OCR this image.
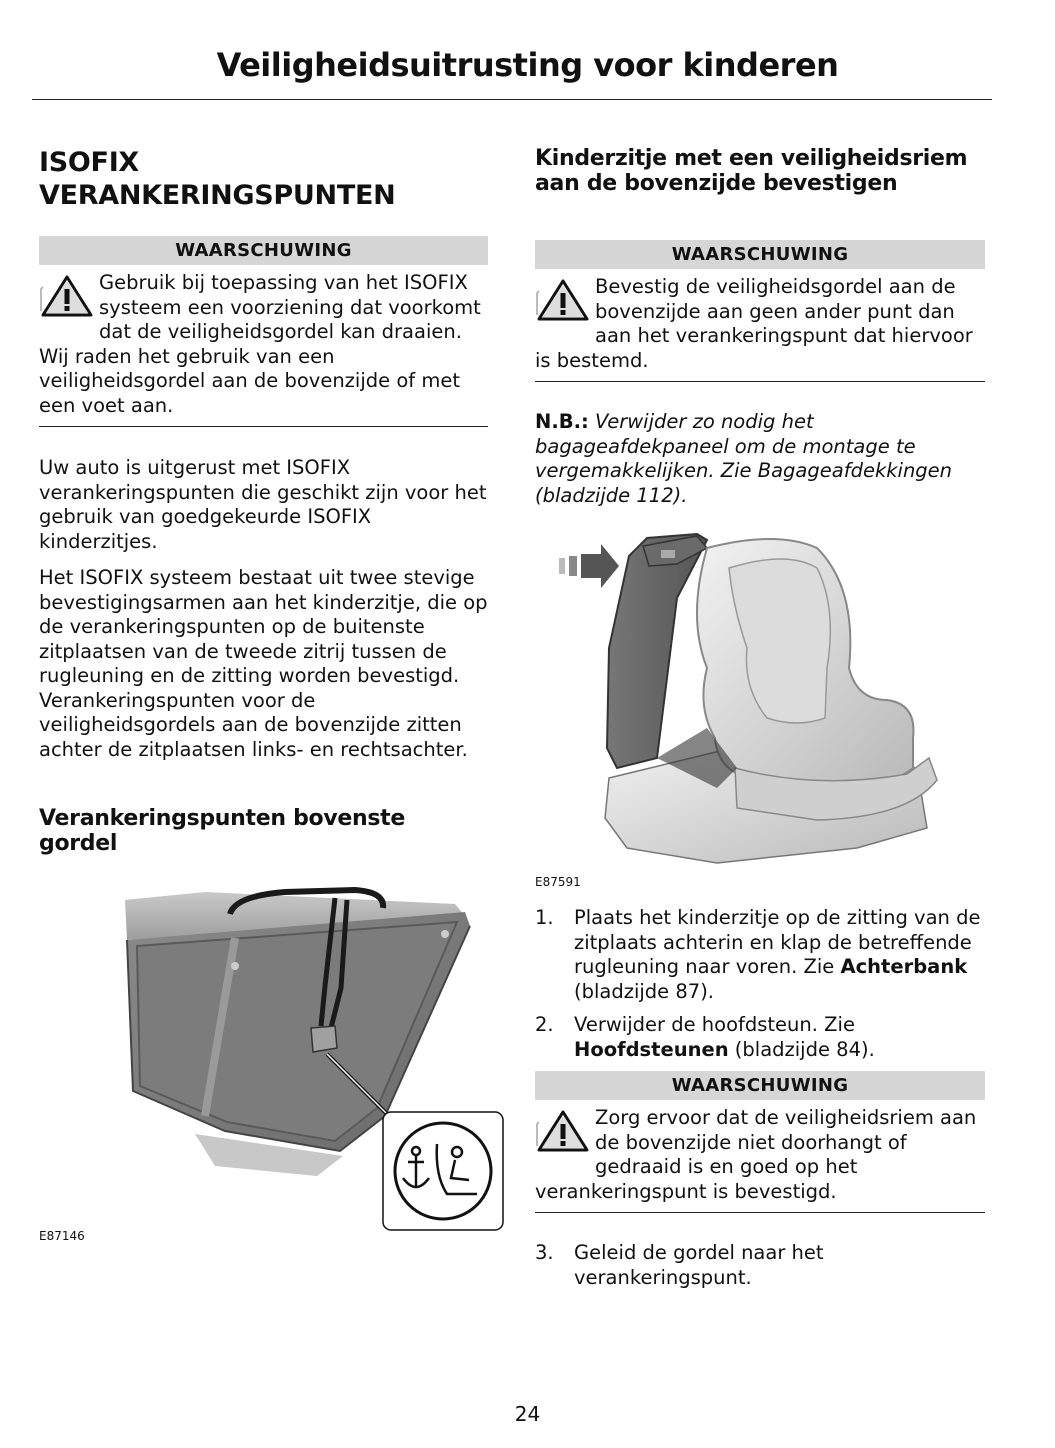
Veiligheidsuitrusting voor kinderen
ISOFIX VERANKERINGSPUNTEN
WAARSCHUWING
Gebruik bij toepassing van het ISOFIX systeem een voorziening dat voorkomt dat de veiligheidsgordel kan draaien. Wij raden het gebruik van een veiligheidsgordel aan de bovenzijde of met een voet aan.

Uw auto is uitgerust met ISOFIX verankeringspunten die geschikt zijn voor het gebruik van goedgekeurde ISOFIX kinderzitjes.

Het ISOFIX systeem bestaat uit twee stevige bevestigingsarmen aan het kinderzitje, die op de verankeringspunten op de buitenste zitplaatsen van de tweede zitrij tussen de rugleuning en de zitting worden bevestigd. Verankeringspunten voor de veiligheidsgordels aan de bovenzijde zitten achter de zitplaatsen links- en rechtsachter.

Verankeringspunten bovenste gordel
E87146
Kinderzitje met een veiligheidsriem aan de bovenzijde bevestigen
WAARSCHUWING
Bevestig de veiligheidsgordel aan de bovenzijde aan geen ander punt dan aan het verankeringspunt dat hiervoor is bestemd.

N.B.: Verwijder zo nodig het bagageafdekpaneel om de montage te vergemakkelijken. Zie Bagageafdekkingen (bladzijde 112).

E87591
1. Plaats het kinderzitje op de zitting van de zitplaats achterin en klap de betreffende rugleuning naar voren. Zie Achterbank (bladzijde 87).
2. Verwijder de hoofdsteun. Zie Hoofdsteunen (bladzijde 84).
WAARSCHUWING
Zorg ervoor dat de veiligheidsriem aan de bovenzijde niet doorhangt of gedraaid is en goed op het verankeringspunt is bevestigd.
3. Geleid de gordel naar het verankeringspunt.
24
